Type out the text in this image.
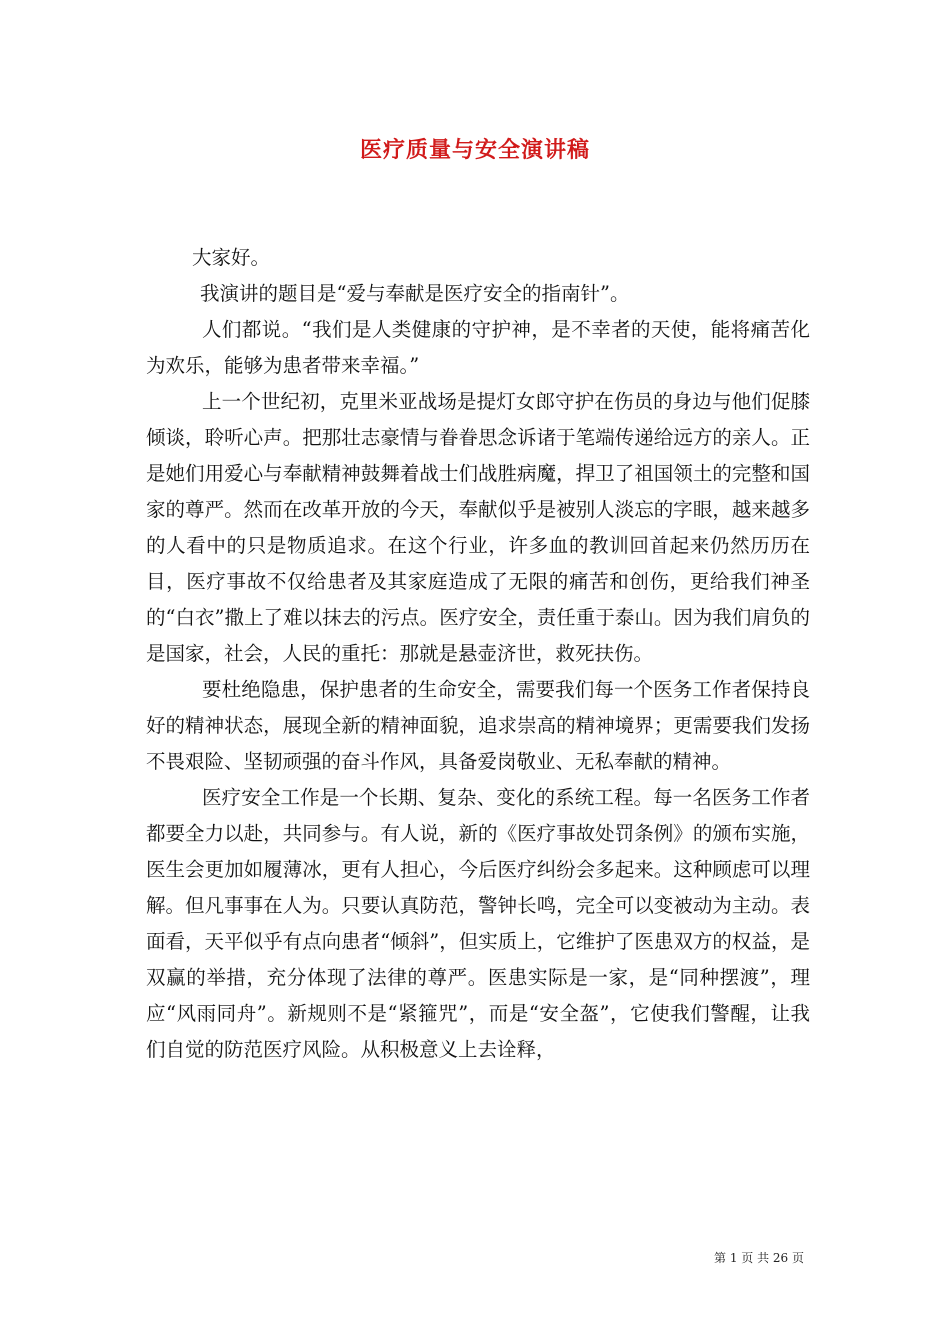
医疗质量与安全演讲稿

大家好。

我演讲的题目是“爱与奉献是医疗安全的指南针”。

人们都说。“我们是人类健康的守护神，是不幸者的天使，能将痛苦化为欢乐，能够为患者带来幸福。”

上一个世纪初，克里米亚战场是提灯女郎守护在伤员的身边与他们促膝倾谈，聆听心声。把那壮志豪情与眷眷思念诉诸于笔端传递给远方的亲人。正是她们用爱心与奉献精神鼓舞着战士们战胜病魔，捍卫了祖国领土的完整和国家的尊严。然而在改革开放的今天，奉献似乎是被别人淡忘的字眼，越来越多的人看中的只是物质追求。在这个行业，许多血的教训回首起来仍然历历在目，医疗事故不仅给患者及其家庭造成了无限的痛苦和创伤，更给我们神圣的“白衣”撒上了难以抹去的污点。医疗安全，责任重于泰山。因为我们肩负的是国家，社会，人民的重托：那就是悬壶济世，救死扶伤。

要杜绝隐患，保护患者的生命安全，需要我们每一个医务工作者保持良好的精神状态，展现全新的精神面貌，追求崇高的精神境界；更需要我们发扬不畏艰险、坚韧顽强的奋斗作风，具备爱岗敬业、无私奉献的精神。

医疗安全工作是一个长期、复杂、变化的系统工程。每一名医务工作者都要全力以赴，共同参与。有人说，新的《医疗事故处罚条例》的颁布实施，医生会更加如履薄冰，更有人担心，今后医疗纠纷会多起来。这种顾虑可以理解。但凡事事在人为。只要认真防范，警钟长鸣，完全可以变被动为主动。表面看，天平似乎有点向患者“倾斜”，但实质上，它维护了医患双方的权益，是双赢的举措，充分体现了法律的尊严。医患实际是一家，是“同种摆渡”，理应“风雨同舟”。新规则不是“紧箍咒”，而是“安全盔”，它使我们警醒，让我们自觉的防范医疗风险。从积极意义上去诠释，

第 1 页 共 26 页
